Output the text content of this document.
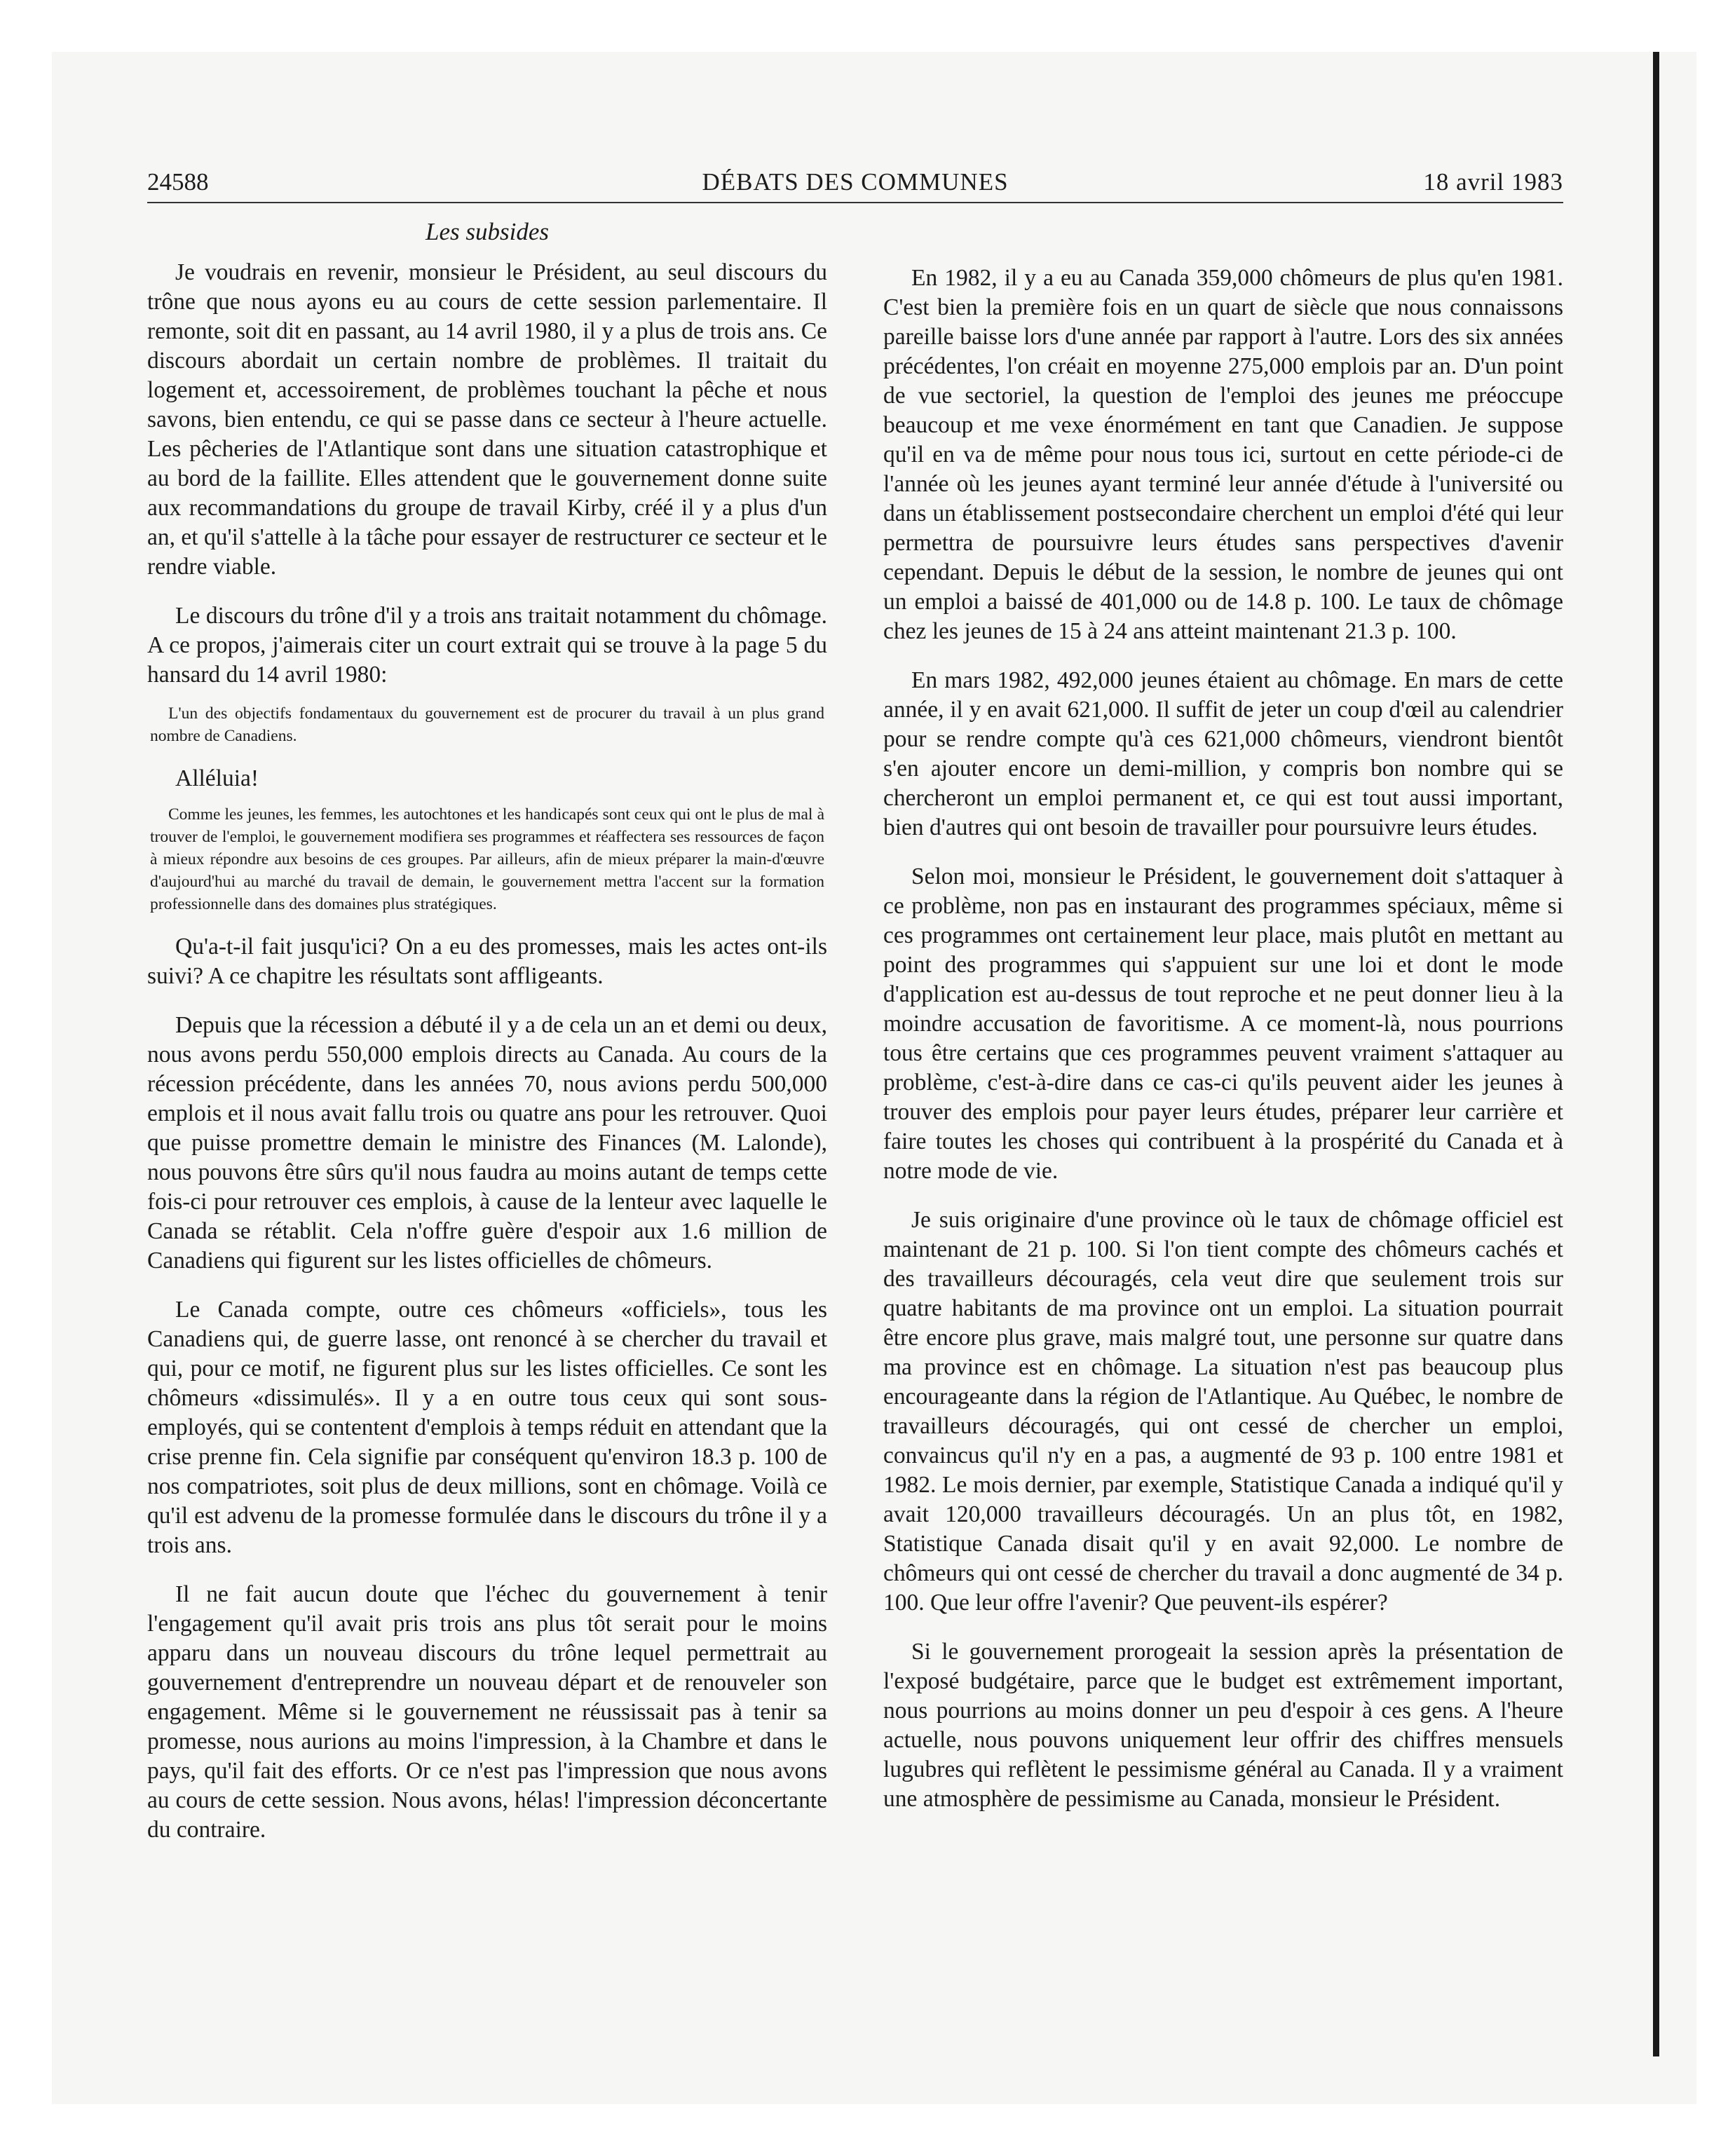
24588	DÉBATS DES COMMUNES	18 avril 1983
Les subsides

Je voudrais en revenir, monsieur le Président, au seul discours du trône que nous ayons eu au cours de cette session parlementaire. Il remonte, soit dit en passant, au 14 avril 1980, il y a plus de trois ans. Ce discours abordait un certain nombre de problèmes. Il traitait du logement et, accessoirement, de problèmes touchant la pêche et nous savons, bien entendu, ce qui se passe dans ce secteur à l'heure actuelle. Les pêcheries de l'Atlantique sont dans une situation catastrophique et au bord de la faillite. Elles attendent que le gouvernement donne suite aux recommandations du groupe de travail Kirby, créé il y a plus d'un an, et qu'il s'attelle à la tâche pour essayer de restructurer ce secteur et le rendre viable.

Le discours du trône d'il y a trois ans traitait notamment du chômage. A ce propos, j'aimerais citer un court extrait qui se trouve à la page 5 du hansard du 14 avril 1980:

L'un des objectifs fondamentaux du gouvernement est de procurer du travail à un plus grand nombre de Canadiens.

Alléluia!

Comme les jeunes, les femmes, les autochtones et les handicapés sont ceux qui ont le plus de mal à trouver de l'emploi, le gouvernement modifiera ses programmes et réaffectera ses ressources de façon à mieux répondre aux besoins de ces groupes. Par ailleurs, afin de mieux préparer la main-d'œuvre d'aujourd'hui au marché du travail de demain, le gouvernement mettra l'accent sur la formation professionnelle dans des domaines plus stratégiques.

Qu'a-t-il fait jusqu'ici? On a eu des promesses, mais les actes ont-ils suivi? A ce chapitre les résultats sont affligeants.

Depuis que la récession a débuté il y a de cela un an et demi ou deux, nous avons perdu 550,000 emplois directs au Canada. Au cours de la récession précédente, dans les années 70, nous avions perdu 500,000 emplois et il nous avait fallu trois ou quatre ans pour les retrouver. Quoi que puisse promettre demain le ministre des Finances (M. Lalonde), nous pouvons être sûrs qu'il nous faudra au moins autant de temps cette fois-ci pour retrouver ces emplois, à cause de la lenteur avec laquelle le Canada se rétablit. Cela n'offre guère d'espoir aux 1.6 million de Canadiens qui figurent sur les listes officielles de chômeurs.

Le Canada compte, outre ces chômeurs «officiels», tous les Canadiens qui, de guerre lasse, ont renoncé à se chercher du travail et qui, pour ce motif, ne figurent plus sur les listes officielles. Ce sont les chômeurs «dissimulés». Il y a en outre tous ceux qui sont sous-employés, qui se contentent d'emplois à temps réduit en attendant que la crise prenne fin. Cela signifie par conséquent qu'environ 18.3 p. 100 de nos compatriotes, soit plus de deux millions, sont en chômage. Voilà ce qu'il est advenu de la promesse formulée dans le discours du trône il y a trois ans.

Il ne fait aucun doute que l'échec du gouvernement à tenir l'engagement qu'il avait pris trois ans plus tôt serait pour le moins apparu dans un nouveau discours du trône lequel permettrait au gouvernement d'entreprendre un nouveau départ et de renouveler son engagement. Même si le gouvernement ne réussissait pas à tenir sa promesse, nous aurions au moins l'impression, à la Chambre et dans le pays, qu'il fait des efforts. Or ce n'est pas l'impression que nous avons au cours de cette session. Nous avons, hélas! l'impression déconcertante du contraire.

En 1982, il y a eu au Canada 359,000 chômeurs de plus qu'en 1981. C'est bien la première fois en un quart de siècle que nous connaissons pareille baisse lors d'une année par rapport à l'autre. Lors des six années précédentes, l'on créait en moyenne 275,000 emplois par an. D'un point de vue sectoriel, la question de l'emploi des jeunes me préoccupe beaucoup et me vexe énormément en tant que Canadien. Je suppose qu'il en va de même pour nous tous ici, surtout en cette période-ci de l'année où les jeunes ayant terminé leur année d'étude à l'université ou dans un établissement postsecondaire cherchent un emploi d'été qui leur permettra de poursuivre leurs études sans perspectives d'avenir cependant. Depuis le début de la session, le nombre de jeunes qui ont un emploi a baissé de 401,000 ou de 14.8 p. 100. Le taux de chômage chez les jeunes de 15 à 24 ans atteint maintenant 21.3 p. 100.

En mars 1982, 492,000 jeunes étaient au chômage. En mars de cette année, il y en avait 621,000. Il suffit de jeter un coup d'œil au calendrier pour se rendre compte qu'à ces 621,000 chômeurs, viendront bientôt s'en ajouter encore un demi-million, y compris bon nombre qui se chercheront un emploi permanent et, ce qui est tout aussi important, bien d'autres qui ont besoin de travailler pour poursuivre leurs études.

Selon moi, monsieur le Président, le gouvernement doit s'attaquer à ce problème, non pas en instaurant des programmes spéciaux, même si ces programmes ont certainement leur place, mais plutôt en mettant au point des programmes qui s'appuient sur une loi et dont le mode d'application est au-dessus de tout reproche et ne peut donner lieu à la moindre accusation de favoritisme. A ce moment-là, nous pourrions tous être certains que ces programmes peuvent vraiment s'attaquer au problème, c'est-à-dire dans ce cas-ci qu'ils peuvent aider les jeunes à trouver des emplois pour payer leurs études, préparer leur carrière et faire toutes les choses qui contribuent à la prospérité du Canada et à notre mode de vie.

Je suis originaire d'une province où le taux de chômage officiel est maintenant de 21 p. 100. Si l'on tient compte des chômeurs cachés et des travailleurs découragés, cela veut dire que seulement trois sur quatre habitants de ma province ont un emploi. La situation pourrait être encore plus grave, mais malgré tout, une personne sur quatre dans ma province est en chômage. La situation n'est pas beaucoup plus encourageante dans la région de l'Atlantique. Au Québec, le nombre de travailleurs découragés, qui ont cessé de chercher un emploi, convaincus qu'il n'y en a pas, a augmenté de 93 p. 100 entre 1981 et 1982. Le mois dernier, par exemple, Statistique Canada a indiqué qu'il y avait 120,000 travailleurs découragés. Un an plus tôt, en 1982, Statistique Canada disait qu'il y en avait 92,000. Le nombre de chômeurs qui ont cessé de chercher du travail a donc augmenté de 34 p. 100. Que leur offre l'avenir? Que peuvent-ils espérer?

Si le gouvernement prorogeait la session après la présentation de l'exposé budgétaire, parce que le budget est extrêmement important, nous pourrions au moins donner un peu d'espoir à ces gens. A l'heure actuelle, nous pouvons uniquement leur offrir des chiffres mensuels lugubres qui reflètent le pessimisme général au Canada. Il y a vraiment une atmosphère de pessimisme au Canada, monsieur le Président.
